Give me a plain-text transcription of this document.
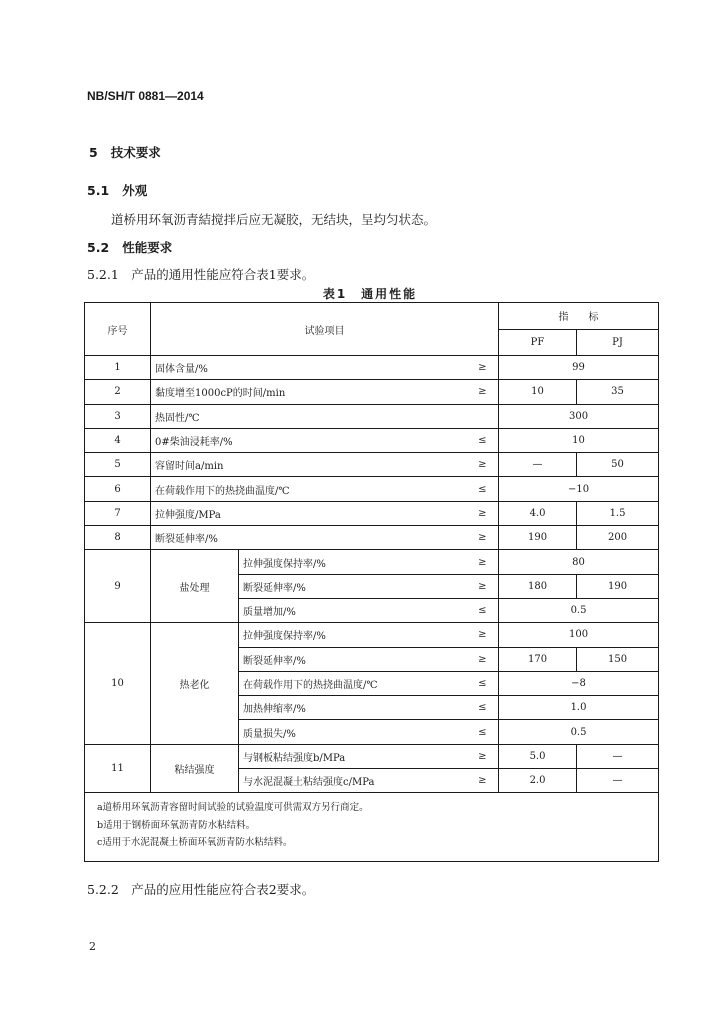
NB/SH/T 0881—2014
5 技术要求
5.1 外观
道桥用环氧沥青結搅拌后应无凝胶，无结块，呈均匀状态。
5.2 性能要求
5.2.1　产品的通用性能应符合表1要求。
表1　通用性能
序号	试验项目			指　　标	
				PF	PJ
1	固体含量/%		≥	99	
2	黏度增至1000cP的时间/min		≥	10	35
3	热固性/℃			300	
4	0#柴油浸耗率/%		≤	10	
5	容留时间a/min		≥	—	50
6	在荷载作用下的热挠曲温度/℃		≤	−10	
7	拉伸强度/MPa		≥	4.0	1.5
8	断裂延伸率/%		≥	190	200
9	盐处理	拉伸强度保持率/%	≥	80	
		断裂延伸率/%	≥	180	190
		质量增加/%	≤	0.5	
10	热老化	拉伸强度保持率/%	≥	100	
		断裂延伸率/%	≥	170	150
		在荷载作用下的热挠曲温度/℃	≤	−8	
		加热伸缩率/%	≤	1.0	
		质量损失/%	≤	0.5	
11	粘结强度	与钢板粘结强度b/MPa	≥	5.0	—
		与水泥混凝土粘结强度c/MPa	≥	2.0	—

a道桥用环氧沥青容留时间试验的试验温度可供需双方另行商定。
b适用于钢桥面环氧沥青防水粘结料。
c适用于水泥混凝土桥面环氧沥青防水粘结料。					
5.2.2　产品的应用性能应符合表2要求。
2
